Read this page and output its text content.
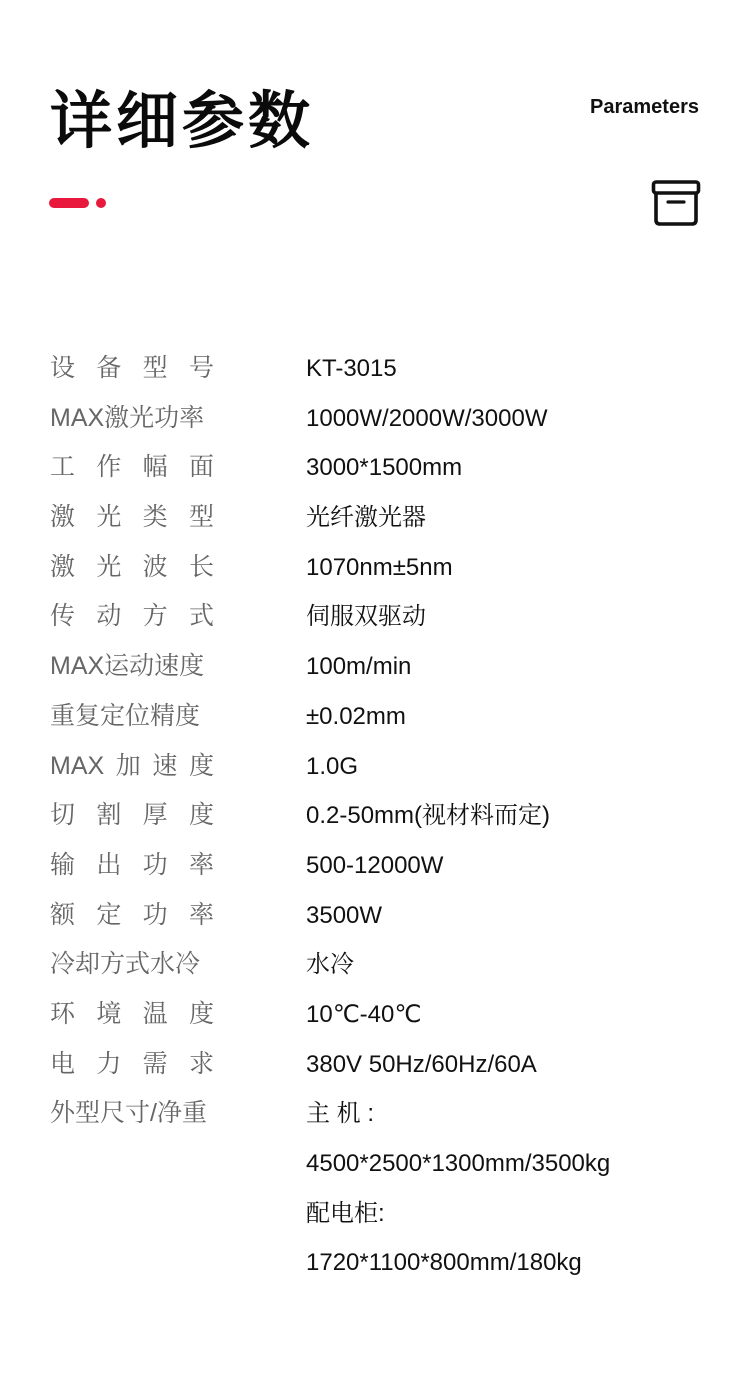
详细参数	Parameters
设备型号	KT-3015
MAX激光功率	1000W/2000W/3000W
工作幅面	3000*1500mm
激光类型	光纤激光器
激光波长	1070nm±5nm
传动方式	伺服双驱动
MAX运动速度	100m/min
重复定位精度	±0.02mm
MAX加速度	1.0G
切割厚度	0.2-50mm(视材料而定)
输出功率	500-12000W
额定功率	3500W
冷却方式水冷	水冷
环境温度	10℃-40℃
电力需求	380V 50Hz/60Hz/60A
外型尺寸/净重	主 机 :
4500*2500*1300mm/3500kg
配电柜:
1720*1100*800mm/180kg
